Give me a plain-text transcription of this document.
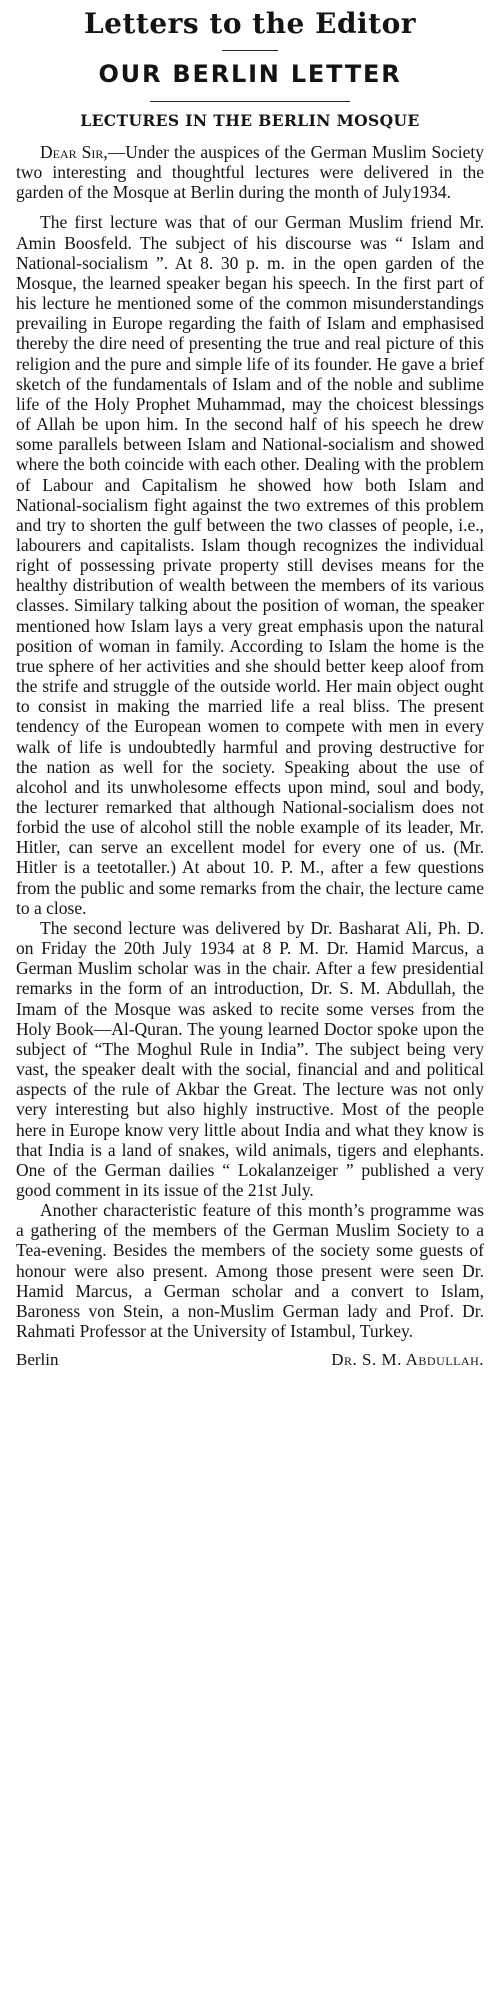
Letters to the Editor
OUR BERLIN LETTER
LECTURES IN THE BERLIN MOSQUE

Dear Sir,—Under the auspices of the German Muslim Society two interesting and thoughtful lectures were delivered in the garden of the Mosque at Berlin during the month of July1934.

The first lecture was that of our German Muslim friend Mr. Amin Boosfeld. The subject of his discourse was “ Islam and National-socialism ”. At 8. 30 p. m. in the open garden of the Mosque, the learned speaker began his speech. In the first part of his lecture he mentioned some of the common misunderstandings prevailing in Europe regarding the faith of Islam and emphasised thereby the dire need of presenting the true and real picture of this religion and the pure and simple life of its founder. He gave a brief sketch of the fundamentals of Islam and of the noble and sublime life of the Holy Prophet Muhammad, may the choicest blessings of Allah be upon him. In the second half of his speech he drew some parallels between Islam and National-socialism and showed where the both coincide with each other. Dealing with the problem of Labour and Capitalism he showed how both Islam and National-socialism fight against the two extremes of this problem and try to shorten the gulf between the two classes of people, i.e., labourers and capitalists. Islam though recognizes the individual right of possessing private property still devises means for the healthy distribution of wealth between the members of its various classes. Similary talking about the position of woman, the speaker mentioned how Islam lays a very great emphasis upon the natural position of woman in family. According to Islam the home is the true sphere of her activities and she should better keep aloof from the strife and struggle of the outside world. Her main object ought to consist in making the married life a real bliss. The present tendency of the European women to compete with men in every walk of life is undoubtedly harmful and proving destructive for the nation as well for the society. Speaking about the use of alcohol and its unwholesome effects upon mind, soul and body, the lecturer remarked that although National-socialism does not forbid the use of alcohol still the noble example of its leader, Mr. Hitler, can serve an excellent model for every one of us. (Mr. Hitler is a teetotaller.) At about 10. P. M., after a few questions from the public and some remarks from the chair, the lecture came to a close.

The second lecture was delivered by Dr. Basharat Ali, Ph. D. on Friday the 20th July 1934 at 8 P. M. Dr. Hamid Marcus, a German Muslim scholar was in the chair. After a few presidential remarks in the form of an introduction, Dr. S. M. Abdullah, the Imam of the Mosque was asked to recite some verses from the Holy Book—Al-Quran. The young learned Doctor spoke upon the subject of “The Moghul Rule in India”. The subject being very vast, the speaker dealt with the social, financial and and political aspects of the rule of Akbar the Great. The lecture was not only very interesting but also highly instructive. Most of the people here in Europe know very little about India and what they know is that India is a land of snakes, wild animals, tigers and elephants. One of the German dailies “ Lokalanzeiger ” published a very good comment in its issue of the 21st July.

Another characteristic feature of this month’s programme was a gathering of the members of the German Muslim Society to a Tea-evening. Besides the members of the society some guests of honour were also present. Among those present were seen Dr. Hamid Marcus, a German scholar and a convert to Islam, Baroness von Stein, a non-Muslim German lady and Prof. Dr. Rahmati Professor at the University of Istambul, Turkey.

Berlin	Dr. S. M. Abdullah.
